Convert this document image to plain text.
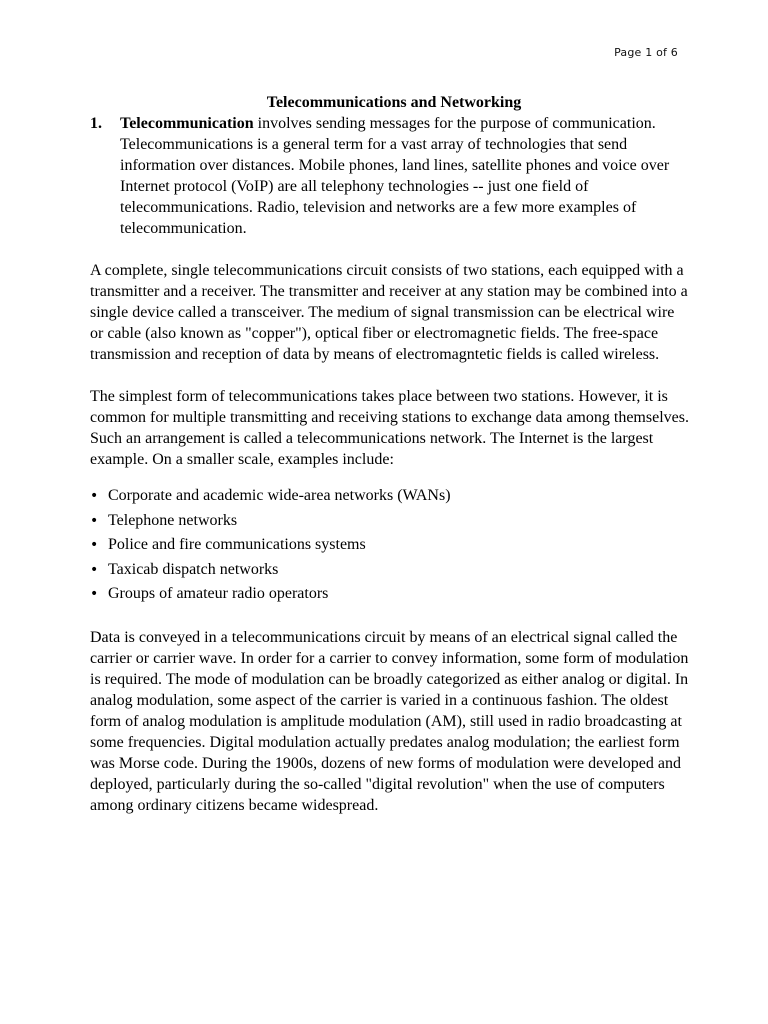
Page 1 of 6
Telecommunications and Networking

1. Telecommunication involves sending messages for the purpose of communication. Telecommunications is a general term for a vast array of technologies that send information over distances. Mobile phones, land lines, satellite phones and voice over Internet protocol (VoIP) are all telephony technologies -- just one field of telecommunications. Radio, television and networks are a few more examples of telecommunication.

A complete, single telecommunications circuit consists of two stations, each equipped with a transmitter and a receiver. The transmitter and receiver at any station may be combined into a single device called a transceiver. The medium of signal transmission can be electrical wire or cable (also known as "copper"), optical fiber or electromagnetic fields. The free-space transmission and reception of data by means of electromagntetic fields is called wireless.

The simplest form of telecommunications takes place between two stations. However, it is common for multiple transmitting and receiving stations to exchange data among themselves. Such an arrangement is called a telecommunications network. The Internet is the largest example. On a smaller scale, examples include:

• Corporate and academic wide-area networks (WANs)
• Telephone networks
• Police and fire communications systems
• Taxicab dispatch networks
• Groups of amateur radio operators

Data is conveyed in a telecommunications circuit by means of an electrical signal called the carrier or carrier wave. In order for a carrier to convey information, some form of modulation is required. The mode of modulation can be broadly categorized as either analog or digital. In analog modulation, some aspect of the carrier is varied in a continuous fashion. The oldest form of analog modulation is amplitude modulation (AM), still used in radio broadcasting at some frequencies. Digital modulation actually predates analog modulation; the earliest form was Morse code. During the 1900s, dozens of new forms of modulation were developed and deployed, particularly during the so-called "digital revolution" when the use of computers among ordinary citizens became widespread.
